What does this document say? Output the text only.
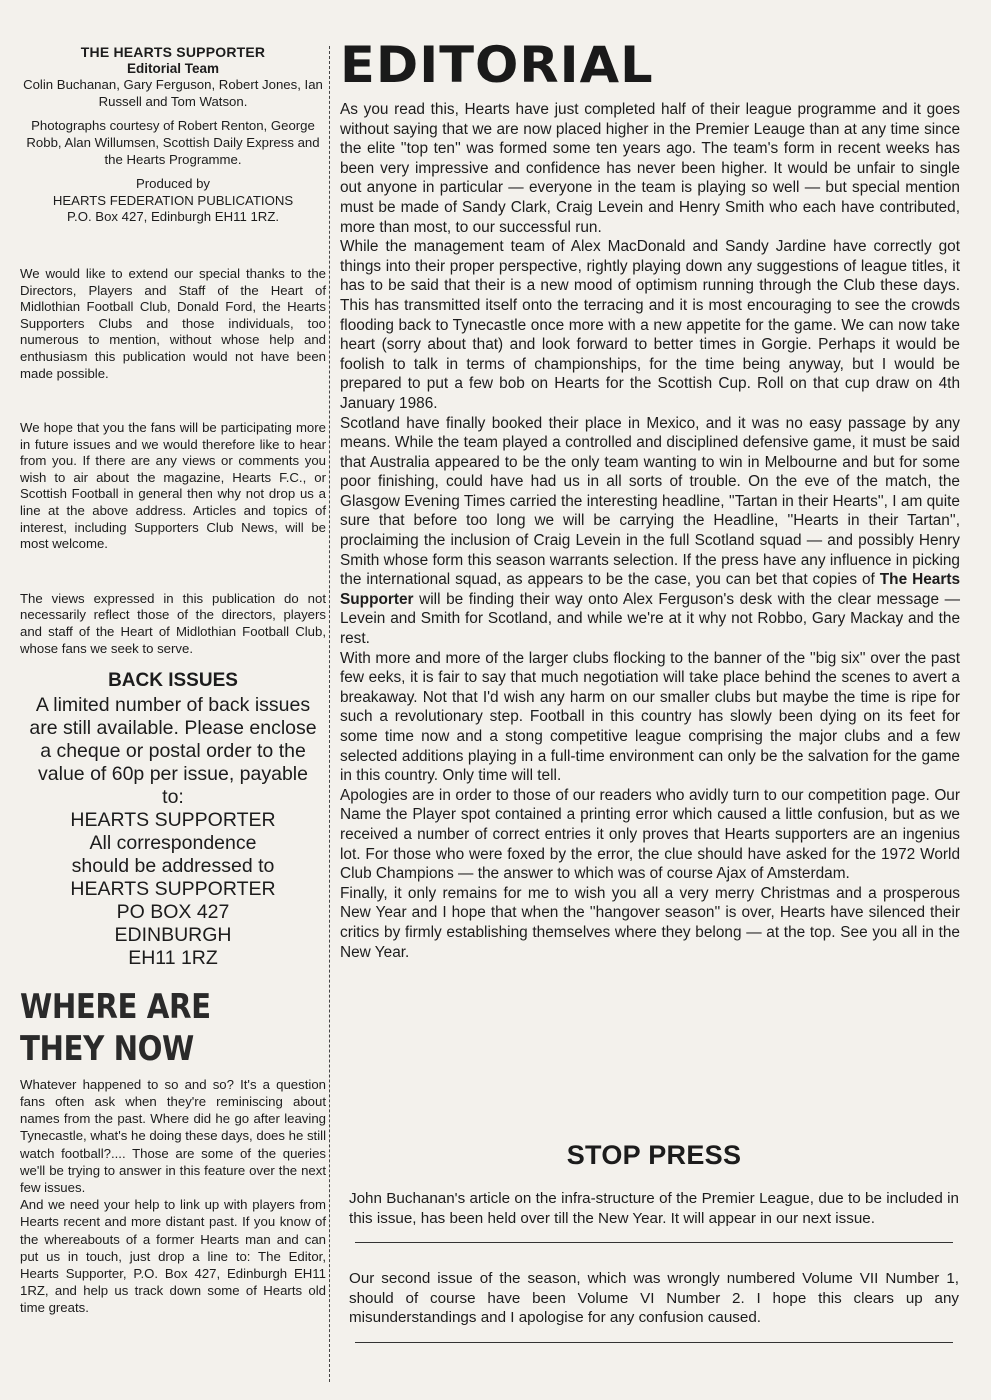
THE HEARTS SUPPORTER

Editorial Team

Colin Buchanan, Gary Ferguson, Robert Jones, Ian Russell and Tom Watson.

Photographs courtesy of Robert Renton, George Robb, Alan Willumsen, Scottish Daily Express and the Hearts Programme.

Produced by

HEARTS FEDERATION PUBLICATIONS

P.O. Box 427, Edinburgh EH11 1RZ.

We would like to extend our special thanks to the Directors, Players and Staff of the Heart of Midlothian Football Club, Donald Ford, the Hearts Supporters Clubs and those individuals, too numerous to mention, without whose help and enthusiasm this publication would not have been made possible.

We hope that you the fans will be participating more in future issues and we would therefore like to hear from you. If there are any views or comments you wish to air about the magazine, Hearts F.C., or Scottish Football in general then why not drop us a line at the above address. Articles and topics of interest, including Supporters Club News, will be most welcome.

The views expressed in this publication do not necessarily reflect those of the directors, players and staff of the Heart of Midlothian Football Club, whose fans we seek to serve.

BACK ISSUES
A limited number of back issues
are still available. Please enclose
a cheque or postal order to the
value of 60p per issue, payable
to:
HEARTS SUPPORTER
All correspondence
should be addressed to
HEARTS SUPPORTER
PO BOX 427
EDINBURGH
EH11 1RZ
WHERE ARE
THEY NOW

Whatever happened to so and so? It's a question fans often ask when they're reminiscing about names from the past. Where did he go after leaving Tynecastle, what's he doing these days, does he still watch football?.... Those are some of the queries we'll be trying to answer in this feature over the next few issues.

And we need your help to link up with players from Hearts recent and more distant past. If you know of the whereabouts of a former Hearts man and can put us in touch, just drop a line to: The Editor, Hearts Supporter, P.O. Box 427, Edinburgh EH11 1RZ, and help us track down some of Hearts old time greats.

EDITORIAL

As you read this, Hearts have just completed half of their league programme and it goes without saying that we are now placed higher in the Premier Leauge than at any time since the elite ''top ten'' was formed some ten years ago. The team's form in recent weeks has been very impressive and confidence has never been higher. It would be unfair to single out anyone in particular — everyone in the team is playing so well — but special mention must be made of Sandy Clark, Craig Levein and Henry Smith who each have contributed, more than most, to our successful run.

While the management team of Alex MacDonald and Sandy Jardine have correctly got things into their proper perspective, rightly playing down any suggestions of league titles, it has to be said that their is a new mood of optimism running through the Club these days. This has transmitted itself onto the terracing and it is most encouraging to see the crowds flooding back to Tynecastle once more with a new appetite for the game. We can now take heart (sorry about that) and look forward to better times in Gorgie. Perhaps it would be foolish to talk in terms of championships, for the time being anyway, but I would be prepared to put a few bob on Hearts for the Scottish Cup. Roll on that cup draw on 4th January 1986.

Scotland have finally booked their place in Mexico, and it was no easy passage by any means. While the team played a controlled and disciplined defensive game, it must be said that Australia appeared to be the only team wanting to win in Melbourne and but for some poor finishing, could have had us in all sorts of trouble. On the eve of the match, the Glasgow Evening Times carried the interesting headline, ''Tartan in their Hearts'', I am quite sure that before too long we will be carrying the Headline, ''Hearts in their Tartan'', proclaiming the inclusion of Craig Levein in the full Scotland squad — and possibly Henry Smith whose form this season warrants selection. If the press have any influence in picking the international squad, as appears to be the case, you can bet that copies of The Hearts Supporter will be finding their way onto Alex Ferguson's desk with the clear message — Levein and Smith for Scotland, and while we're at it why not Robbo, Gary Mackay and the rest.

With more and more of the larger clubs flocking to the banner of the ''big six'' over the past few eeks, it is fair to say that much negotiation will take place behind the scenes to avert a breakaway. Not that I'd wish any harm on our smaller clubs but maybe the time is ripe for such a revolutionary step. Football in this country has slowly been dying on its feet for some time now and a stong competitive league comprising the major clubs and a few selected additions playing in a full-time environment can only be the salvation for the game in this country. Only time will tell.

Apologies are in order to those of our readers who avidly turn to our competition page. Our Name the Player spot contained a printing error which caused a little confusion, but as we received a number of correct entries it only proves that Hearts supporters are an ingenius lot. For those who were foxed by the error, the clue should have asked for the 1972 World Club Champions — the answer to which was of course Ajax of Amsterdam.

Finally, it only remains for me to wish you all a very merry Christmas and a prosperous New Year and I hope that when the ''hangover season'' is over, Hearts have silenced their critics by firmly establishing themselves where they belong — at the top. See you all in the New Year.

STOP PRESS

John Buchanan's article on the infra-structure of the Premier League, due to be included in this issue, has been held over till the New Year. It will appear in our next issue.

Our second issue of the season, which was wrongly numbered Volume VII Number 1, should of course have been Volume VI Number 2. I hope this clears up any misunderstandings and I apologise for any confusion caused.
